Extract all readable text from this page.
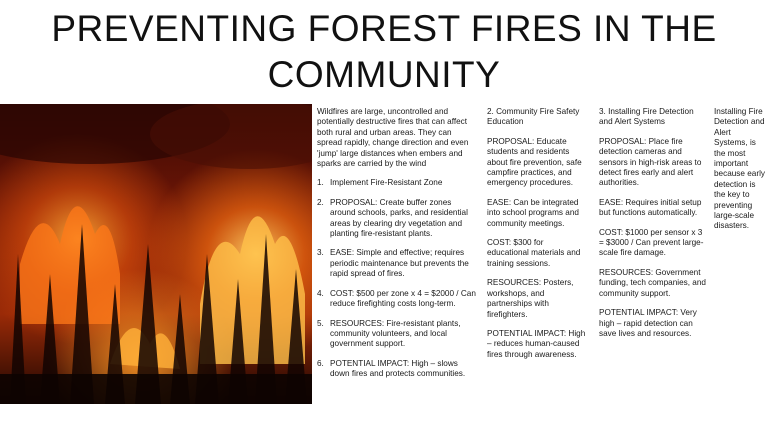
PREVENTING FOREST FIRES IN THE
COMMUNITY

Wildfires are large, uncontrolled and potentially destructive fires that can affect both rural and urban areas. They can spread rapidly, change direction and even 'jump' large distances when embers and sparks are carried by the wind

1. Implement Fire-Resistant Zone
2. PROPOSAL: Create buffer zones around schools, parks, and residential areas by clearing dry vegetation and planting fire-resistant plants.
3. EASE: Simple and effective; requires periodic maintenance but prevents the rapid spread of fires.
4. COST: $500 per zone x 4 = $2000 / Can reduce firefighting costs long-term.
5. RESOURCES: Fire-resistant plants, community volunteers, and local government support.
6. POTENTIAL IMPACT: High – slows down fires and protects communities.

2. Community Fire Safety Education

PROPOSAL: Educate students and residents about fire prevention, safe campfire practices, and emergency procedures.

EASE: Can be integrated into school programs and community meetings.

COST: $300 for educational materials and training sessions.

RESOURCES: Posters, workshops, and partnerships with firefighters.

POTENTIAL IMPACT: High – reduces human-caused fires through awareness.

3. Installing Fire Detection and Alert Systems

PROPOSAL: Place fire detection cameras and sensors in high-risk areas to detect fires early and alert authorities.

EASE: Requires initial setup but functions automatically.

COST: $1000 per sensor x 3 = $3000 / Can prevent large-scale fire damage.

RESOURCES: Government funding, tech companies, and community support.

POTENTIAL IMPACT: Very high – rapid detection can save lives and resources.

Installing Fire Detection and Alert Systems, is the most important because early detection is the key to preventing large-scale disasters.
